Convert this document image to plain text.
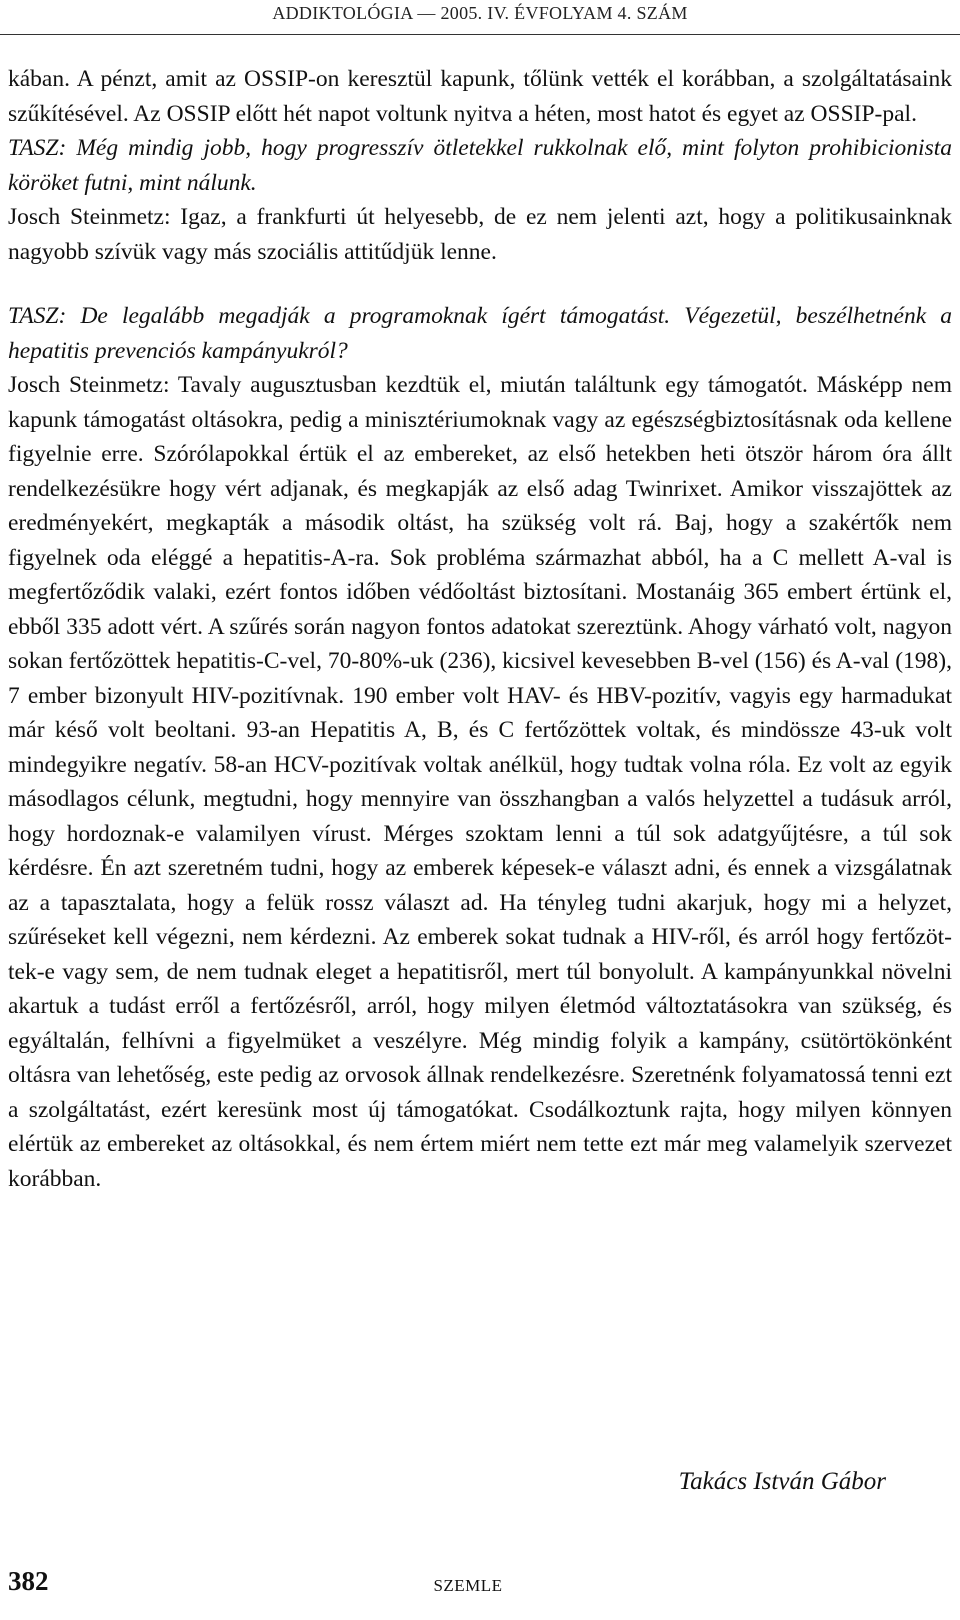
ADDIKTOLÓGIA — 2005. IV. ÉVFOLYAM 4. SZÁM

kában. A pénzt, amit az OSSIP-on keresztül kapunk, tőlünk vették el korábban, a szolgáltatásaink szűkítésével. Az OSSIP előtt hét napot voltunk nyitva a héten, most hatot és egyet az OSSIP-pal.

TASZ: Még mindig jobb, hogy progresszív ötletekkel rukkolnak elő, mint folyton prohibicionista köröket futni, mint nálunk.

Josch Steinmetz: Igaz, a frankfurti út helyesebb, de ez nem jelenti azt, hogy a politikusainknak nagyobb szívük vagy más szociális attitűdjük lenne.

TASZ: De legalább megadják a programoknak ígért támogatást. Végezetül, beszélhetnénk a hepatitis prevenciós kampányukról?

Josch Steinmetz: Tavaly augusztusban kezdtük el, miután találtunk egy támogatót. Másképp nem kapunk támogatást oltásokra, pedig a minisztériumoknak vagy az egészségbiztosításnak oda kellene figyelnie erre. Szórólapokkal értük el az embereket, az első hetekben heti ötször három óra állt rendelkezésükre hogy vért adjanak, és megkapják az első adag Twinrixet. Amikor visszajöttek az eredményekért, megkapták a második oltást, ha szükség volt rá. Baj, hogy a szakértők nem figyelnek oda eléggé a hepatitis-A-ra. Sok probléma származhat abból, ha a C mellett A-val is megfertőződik valaki, ezért fontos időben védőoltást biztosítani. Mostanáig 365 embert értünk el, ebből 335 adott vért. A szűrés során nagyon fontos adatokat szereztünk. Ahogy várható volt, nagyon sokan fertőzöttek hepatitis-C-vel, 70-80%-uk (236), kicsivel kevesebben B-vel (156) és A-val (198), 7 ember bizonyult HIV-pozitívnak. 190 ember volt HAV- és HBV-pozitív, vagyis egy harmadukat már késő volt beoltani. 93-an Hepatitis A, B, és C fertőzöttek voltak, és mindössze 43-uk volt mindegyikre negatív. 58-an HCV-pozitívak voltak anélkül, hogy tudtak volna róla. Ez volt az egyik másodlagos célunk, megtudni, hogy mennyire van összhangban a valós helyzettel a tudásuk arról, hogy hordoznak-e valamilyen vírust. Mérges szoktam lenni a túl sok adatgyűjtésre, a túl sok kérdésre. Én azt szeretném tudni, hogy az emberek képesek-e választ adni, és ennek a vizsgálatnak az a tapasztalata, hogy a felük rossz választ ad. Ha tényleg tudni akarjuk, hogy mi a helyzet, szűréseket kell végezni, nem kérdezni. Az emberek sokat tudnak a HIV-ről, és arról hogy fertőzöttek-e vagy sem, de nem tudnak eleget a hepatitisről, mert túl bonyolult. A kampányunkkal növelni akartuk a tudást erről a fertőzésről, arról, hogy milyen életmód változtatásokra van szükség, és egyáltalán, felhívni a figyelmüket a veszélyre. Még mindig folyik a kampány, csütörtökönként oltásra van lehetőség, este pedig az orvosok állnak rendelkezésre. Szeretnénk folyamatossá tenni ezt a szolgáltatást, ezért keresünk most új támogatókat. Csodálkoztunk rajta, hogy milyen könnyen elértük az embereket az oltásokkal, és nem értem miért nem tette ezt már meg valamelyik szervezet korábban.

Takács István Gábor
382	SZEMLE
